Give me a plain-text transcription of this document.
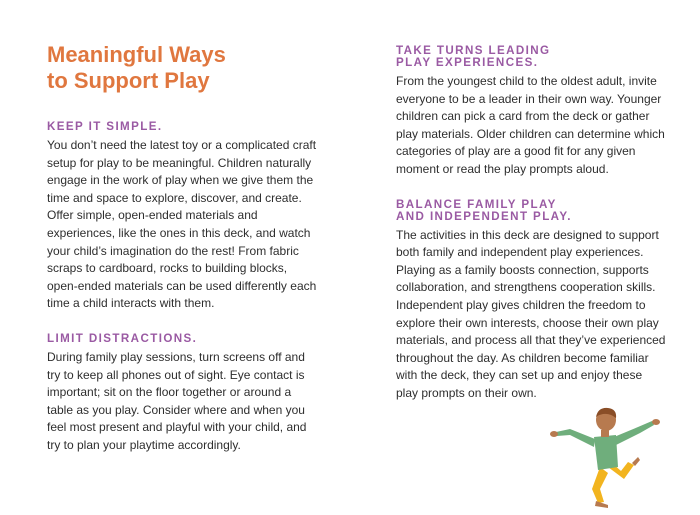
Meaningful Ways
to Support Play

KEEP IT SIMPLE.

You don’t need the latest toy or a complicated craft setup for play to be meaningful. Children naturally engage in the work of play when we give them the time and space to explore, discover, and create. Offer simple, open-ended materials and experiences, like the ones in this deck, and watch your child’s imagination do the rest! From fabric scraps to cardboard, rocks to building blocks, open-ended materials can be used differently each time a child interacts with them.

LIMIT DISTRACTIONS.

During family play sessions, turn screens off and try to keep all phones out of sight. Eye contact is important; sit on the floor together or around a table as you play. Consider where and when you feel most present and playful with your child, and try to plan your playtime accordingly.

TAKE TURNS LEADING

PLAY EXPERIENCES.

From the youngest child to the oldest adult, invite everyone to be a leader in their own way. Younger children can pick a card from the deck or gather play materials. Older children can determine which categories of play are a good fit for any given moment or read the play prompts aloud.

BALANCE FAMILY PLAY

AND INDEPENDENT PLAY.

The activities in this deck are designed to support both family and independent play experiences. Playing as a family boosts connection, supports collaboration, and strengthens cooperation skills. Independent play gives children the freedom to explore their own interests, choose their own play materials, and process all that they’ve experienced throughout the day. As children become familiar with the deck, they can set up and enjoy these play prompts on their own.
